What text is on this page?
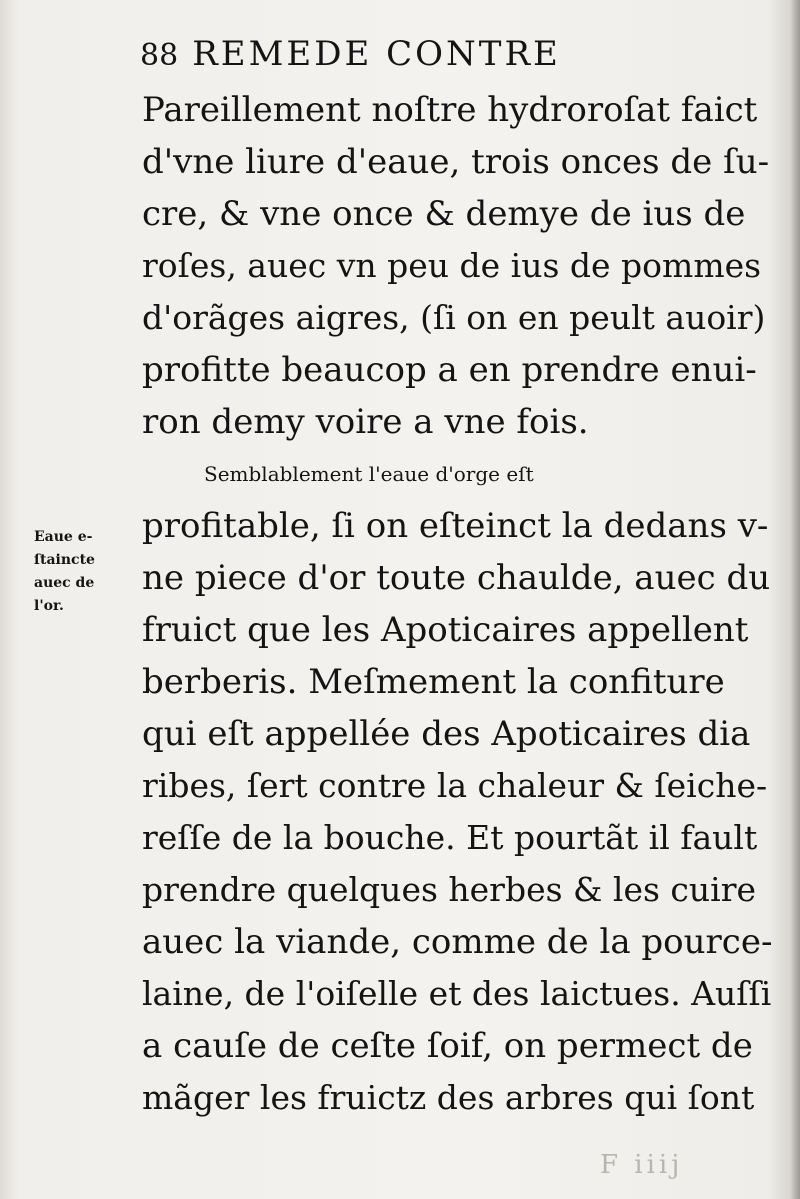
88 REMEDE CONTRE
Pareillement noſtre hydroroſat faict
d'vne liure d'eaue, trois onces de ſu-
cre, & vne once & demye de ius de
roſes, auec vn peu de ius de pommes
d'orãges aigres, (ſi on en peult auoir)
profitte beaucop a en prendre enui-
ron demy voire a vne fois.
Semblablement l'eaue d'orge eſt
profitable, ſi on eſteinct la dedans v-
ne piece d'or toute chaulde, auec du
fruict que les Apoticaires appellent
berberis. Meſmement la confiture
qui eſt appellée des Apoticaires dia
ribes, ſert contre la chaleur & ſeiche-
reſſe de la bouche. Et pourtãt il fault
prendre quelques herbes & les cuire
auec la viande, comme de la pource-
laine, de l'oiſelle et des laictues. Auſſi
a cauſe de ceſte ſoif, on permect de
mãger les fruictz des arbres qui ſont
Eaue e-
ſtaincte
auec de
l'or.
F iiij
